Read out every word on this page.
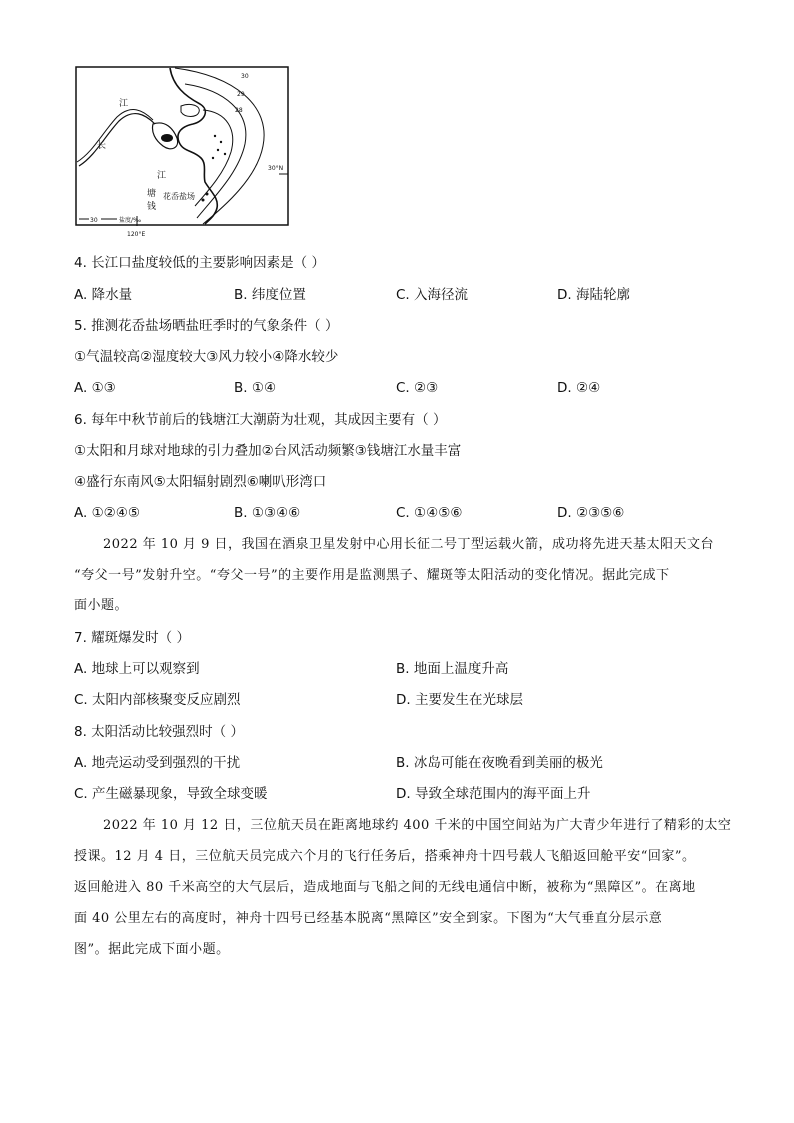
江
长
江
塘
钱
花岙盐场
30°N
120°E
30	盐度/‰
30
29
28
4. 长江口盐度较低的主要影响因素是（ ）
A. 降水量	B. 纬度位置	C. 入海径流	D. 海陆轮廓
5. 推测花岙盐场晒盐旺季时的气象条件（ ）
①气温较高②湿度较大③风力较小④降水较少
A. ①③	B. ①④	C. ②③	D. ②④
6. 每年中秋节前后的钱塘江大潮蔚为壮观，其成因主要有（ ）
①太阳和月球对地球的引力叠加②台风活动频繁③钱塘江水量丰富
④盛行东南风⑤太阳辐射剧烈⑥喇叭形湾口
A. ①②④⑤	B. ①③④⑥	C. ①④⑤⑥	D. ②③⑤⑥
2022 年 10 月 9 日，我国在酒泉卫星发射中心用长征二号丁型运载火箭，成功将先进天基太阳天文台
“夸父一号”发射升空。“夸父一号”的主要作用是监测黑子、耀斑等太阳活动的变化情况。据此完成下
面小题。
7. 耀斑爆发时（ ）
A. 地球上可以观察到	B. 地面上温度升高
C. 太阳内部核聚变反应剧烈	D. 主要发生在光球层
8. 太阳活动比较强烈时（ ）
A. 地壳运动受到强烈的干扰	B. 冰岛可能在夜晚看到美丽的极光
C. 产生磁暴现象，导致全球变暖	D. 导致全球范围内的海平面上升
2022 年 10 月 12 日，三位航天员在距离地球约 400 千米的中国空间站为广大青少年进行了精彩的太空
授课。12 月 4 日，三位航天员完成六个月的飞行任务后，搭乘神舟十四号载人飞船返回舱平安“回家”。
返回舱进入 80 千米高空的大气层后，造成地面与飞船之间的无线电通信中断，被称为“黑障区”。在离地
面 40 公里左右的高度时，神舟十四号已经基本脱离“黑障区”安全到家。下图为“大气垂直分层示意
图”。据此完成下面小题。
